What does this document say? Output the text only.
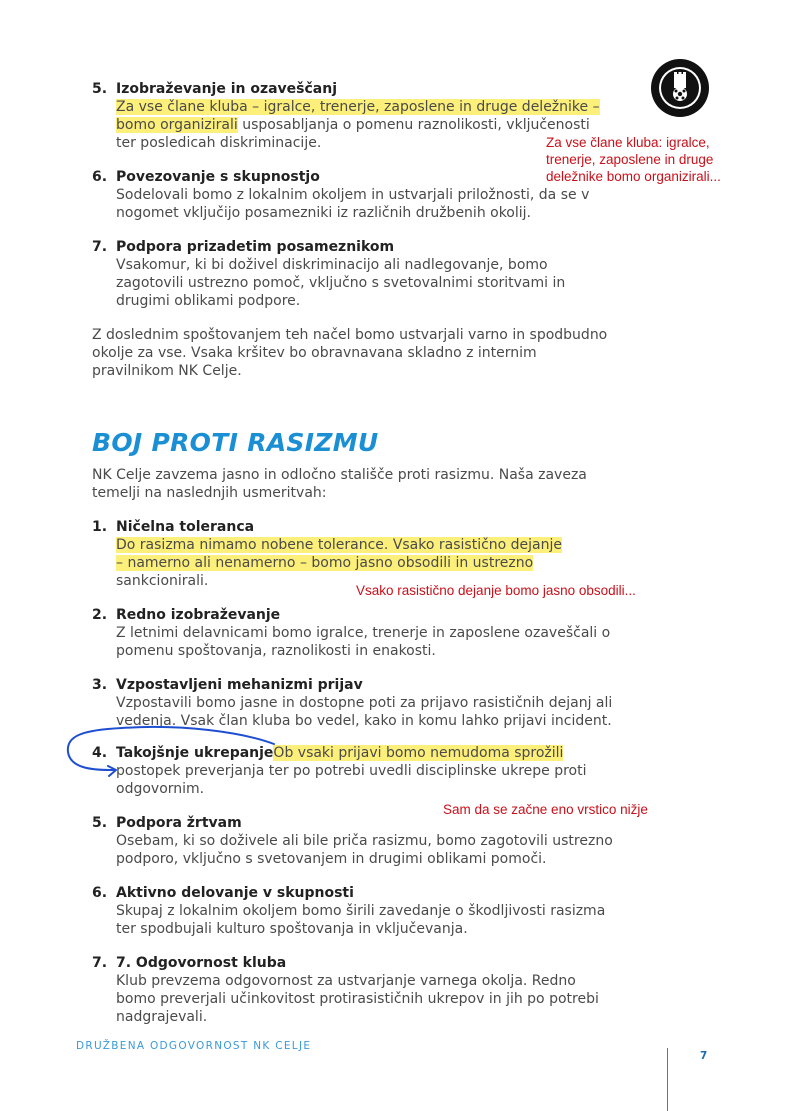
5. Izobraževanje in ozaveščanj
Za vse člane kluba – igralce, trenerje, zaposlene in druge deležnike –
bomo organizirali usposabljanja o pomenu raznolikosti, vključenosti
ter posledicah diskriminacije.
6. Povezovanje s skupnostjo
Sodelovali bomo z lokalnim okoljem in ustvarjali priložnosti, da se v
nogomet vključijo posamezniki iz različnih družbenih okolij.
7. Podpora prizadetim posameznikom
Vsakomur, ki bi doživel diskriminacijo ali nadlegovanje, bomo
zagotovili ustrezno pomoč, vključno s svetovalnimi storitvami in
drugimi oblikami podpore.
Z doslednim spoštovanjem teh načel bomo ustvarjali varno in spodbudno
okolje za vse. Vsaka kršitev bo obravnavana skladno z internim
pravilnikom NK Celje.
BOJ PROTI RASIZMU
NK Celje zavzema jasno in odločno stališče proti rasizmu. Naša zaveza
temelji na naslednjih usmeritvah:
1. Ničelna toleranca
Do rasizma nimamo nobene tolerance. Vsako rasistično dejanje
– namerno ali nenamerno – bomo jasno obsodili in ustrezno
sankcionirali.
2. Redno izobraževanje
Z letnimi delavnicami bomo igralce, trenerje in zaposlene ozaveščali o
pomenu spoštovanja, raznolikosti in enakosti.
3. Vzpostavljeni mehanizmi prijav
Vzpostavili bomo jasne in dostopne poti za prijavo rasističnih dejanj ali
vedenja. Vsak član kluba bo vedel, kako in komu lahko prijavi incident.
4. Takojšnje ukrepanjeOb vsaki prijavi bomo nemudoma sprožili
postopek preverjanja ter po potrebi uvedli disciplinske ukrepe proti
odgovornim.
5. Podpora žrtvam
Osebam, ki so doživele ali bile priča rasizmu, bomo zagotovili ustrezno
podporo, vključno s svetovanjem in drugimi oblikami pomoči.
6. Aktivno delovanje v skupnosti
Skupaj z lokalnim okoljem bomo širili zavedanje o škodljivosti rasizma
ter spodbujali kulturo spoštovanja in vključevanja.
7. 7. Odgovornost kluba
Klub prevzema odgovornost za ustvarjanje varnega okolja. Redno
bomo preverjali učinkovitost protirasističnih ukrepov in jih po potrebi
nadgrajevali.
Za vse člane kluba: igralce,
trenerje, zaposlene in druge
deležnike bomo organizirali...
Vsako rasistično dejanje bomo jasno obsodili...
Sam da se začne eno vrstico nižje
DRUŽBENA ODGOVORNOST NK CELJE
7
